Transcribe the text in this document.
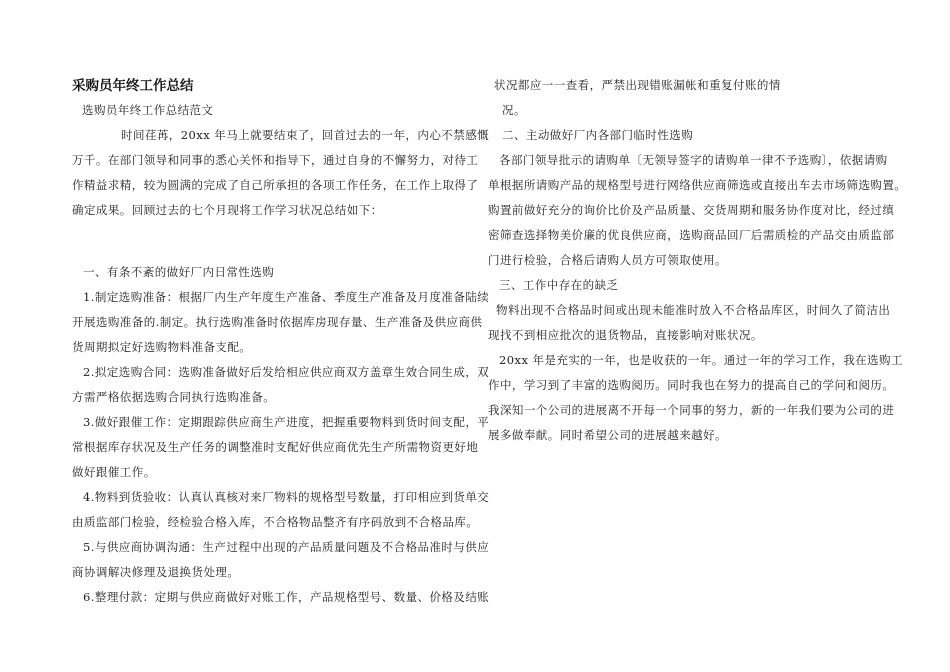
采购员年终工作总结

选购员年终工作总结范文

时间荏苒，20xx 年马上就要结束了，回首过去的一年，内心不禁感慨

万千。在部门领导和同事的悉心关怀和指导下，通过自身的不懈努力，对待工

作精益求精，较为圆满的完成了自己所承担的各项工作任务，在工作上取得了

确定成果。回顾过去的七个月现将工作学习状况总结如下：

一、有条不紊的做好厂内日常性选购

1.制定选购准备：根据厂内生产年度生产准备、季度生产准备及月度准备陆续

开展选购准备的.制定。执行选购准备时依据库房现存量、生产准备及供应商供

货周期拟定好选购物料准备支配。

2.拟定选购合同：选购准备做好后发给相应供应商双方盖章生效合同生成，双

方需严格依据选购合同执行选购准备。

3.做好跟催工作：定期跟踪供应商生产进度，把握重要物料到货时间支配，平

常根据库存状况及生产任务的调整准时支配好供应商优先生产所需物资更好地

做好跟催工作。

4.物料到货验收：认真认真核对来厂物料的规格型号数量，打印相应到货单交

由质监部门检验，经检验合格入库，不合格物品整齐有序码放到不合格品库。

5.与供应商协调沟通：生产过程中出现的产品质量问题及不合格品准时与供应

商协调解决修理及退换货处理。

6.整理付款：定期与供应商做好对账工作，产品规格型号、数量、价格及结账

状况都应一一查看，严禁出现错账漏帐和重复付账的情

况。

二、主动做好厂内各部门临时性选购

各部门领导批示的请购单〔无领导签字的请购单一律不予选购〕，依据请购

单根据所请购产品的规格型号进行网络供应商筛选或直接出车去市场筛选购置。

购置前做好充分的询价比价及产品质量、交货周期和服务协作度对比，经过缜

密筛查选择物美价廉的优良供应商，选购商品回厂后需质检的产品交由质监部

门进行检验，合格后请购人员方可领取使用。

三、工作中存在的缺乏

物料出现不合格品时间或出现未能准时放入不合格品库区，时间久了简洁出

现找不到相应批次的退货物品，直接影响对账状况。

20xx 年是充实的一年，也是收获的一年。通过一年的学习工作，我在选购工

作中，学习到了丰富的选购阅历。同时我也在努力的提高自己的学问和阅历。

我深知一个公司的进展离不开每一个同事的努力，新的一年我们要为公司的进

展多做奉献。同时希望公司的进展越来越好。
